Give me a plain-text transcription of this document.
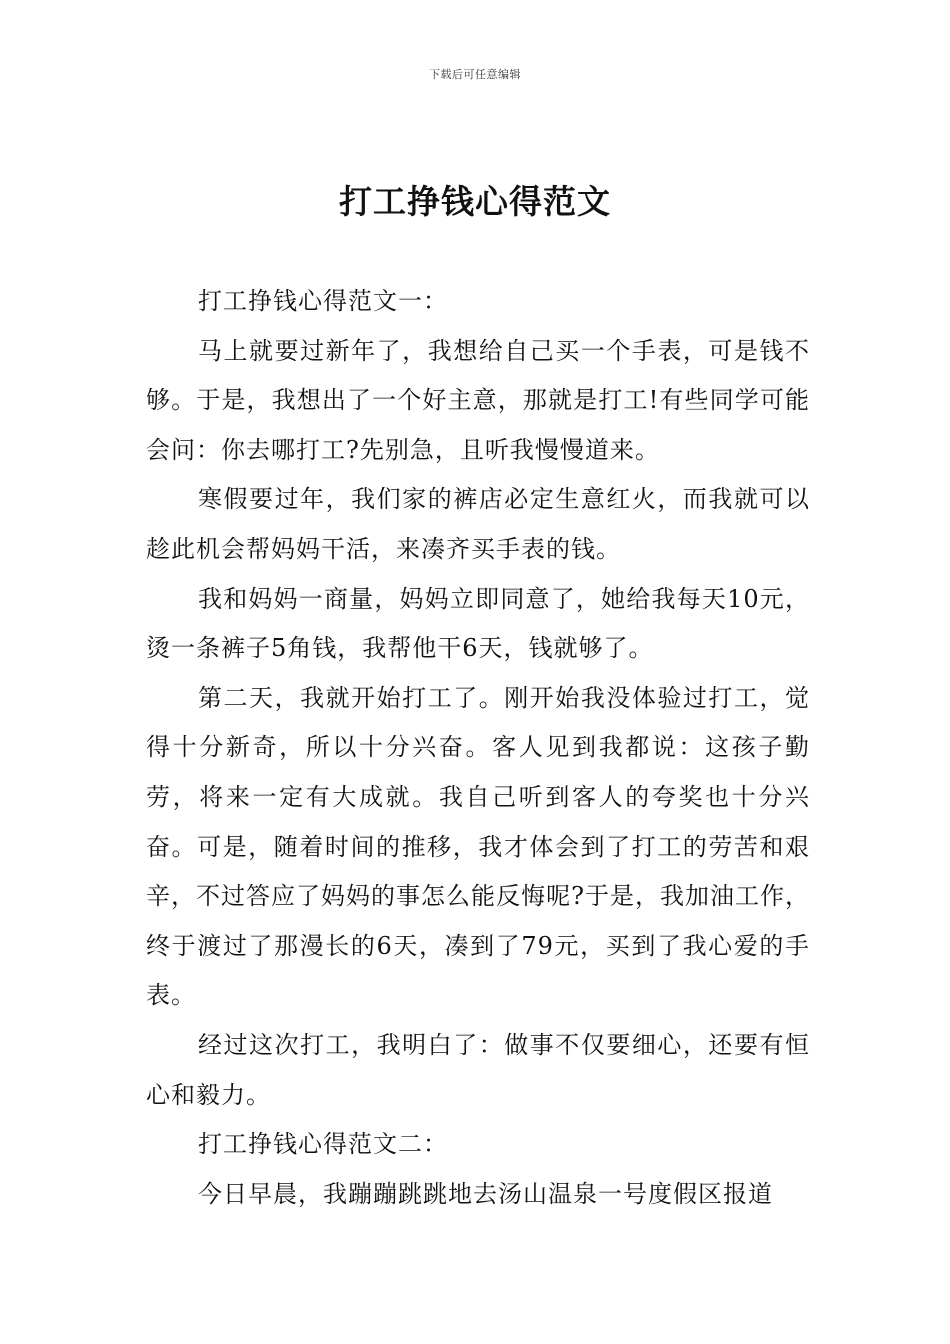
下载后可任意编辑
打工挣钱心得范文

打工挣钱心得范文一：

马上就要过新年了，我想给自己买一个手表，可是钱不够。于是，我想出了一个好主意，那就是打工!有些同学可能会问：你去哪打工?先别急，且听我慢慢道来。

寒假要过年，我们家的裤店必定生意红火，而我就可以趁此机会帮妈妈干活，来凑齐买手表的钱。

我和妈妈一商量，妈妈立即同意了，她给我每天10元，烫一条裤子5角钱，我帮他干6天，钱就够了。

第二天，我就开始打工了。刚开始我没体验过打工，觉得十分新奇，所以十分兴奋。客人见到我都说：这孩子勤劳，将来一定有大成就。我自己听到客人的夸奖也十分兴奋。可是，随着时间的推移，我才体会到了打工的劳苦和艰辛，不过答应了妈妈的事怎么能反悔呢?于是，我加油工作，终于渡过了那漫长的6天，凑到了79元，买到了我心爱的手表。

经过这次打工，我明白了：做事不仅要细心，还要有恒心和毅力。

打工挣钱心得范文二：

今日早晨，我蹦蹦跳跳地去汤山温泉一号度假区报道
